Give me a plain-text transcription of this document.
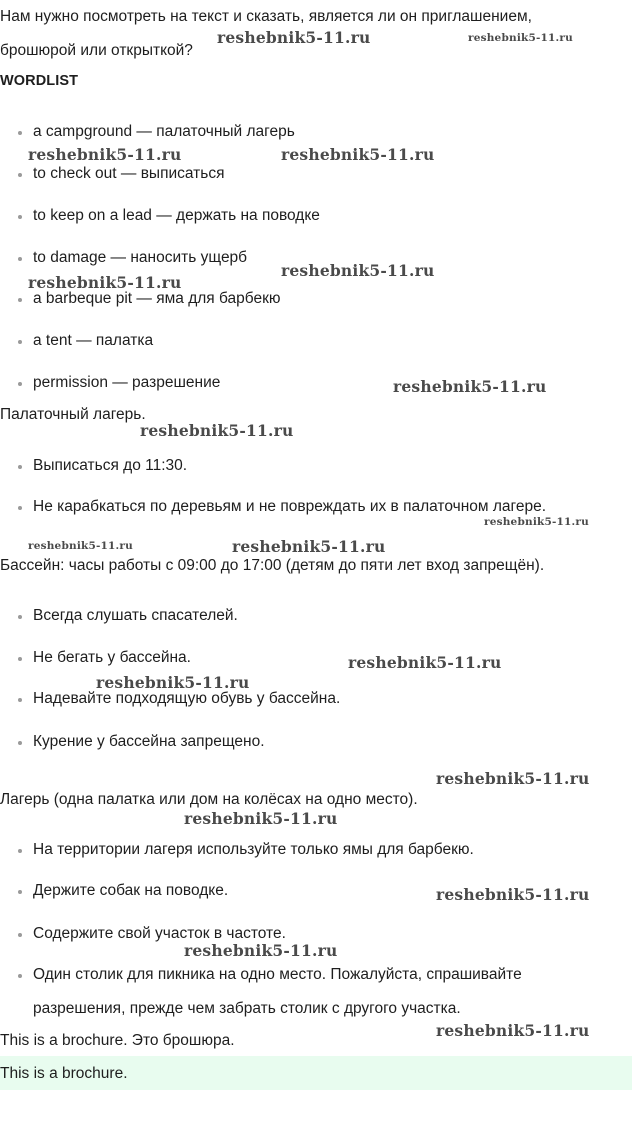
Нам нужно посмотреть на текст и сказать, является ли он приглашением,
брошюрой или открыткой?
WORDLIST
a campground — палаточный лагерь
to check out — выписаться
to keep on a lead — держать на поводке
to damage — наносить ущерб
a barbeque pit — яма для барбекю
a tent — палатка
permission — разрешение
Палаточный лагерь.
Выписаться до 11:30.
Не карабкаться по деревьям и не повреждать их в палаточном лагере.
Бассейн: часы работы с 09:00 до 17:00 (детям до пяти лет вход запрещён).
Всегда слушать спасателей.
Не бегать у бассейна.
Надевайте подходящую обувь у бассейна.
Курение у бассейна запрещено.
Лагерь (одна палатка или дом на колёсах на одно место).
На территории лагеря используйте только ямы для барбекю.
Держите собак на поводке.
Содержите свой участок в частоте.
Один столик для пикника на одно место. Пожалуйста, спрашивайте
разрешения, прежде чем забрать столик с другого участка.
This is a brochure. Это брошюра.
This is a brochure.
reshebnik5-11.ru	reshebnik5-11.ru
reshebnik5-11.ru	reshebnik5-11.ru
reshebnik5-11.ru
reshebnik5-11.ru
reshebnik5-11.ru
reshebnik5-11.ru
reshebnik5-11.ru
reshebnik5-11.ru	reshebnik5-11.ru
reshebnik5-11.ru
reshebnik5-11.ru
reshebnik5-11.ru
reshebnik5-11.ru
reshebnik5-11.ru
reshebnik5-11.ru
reshebnik5-11.ru
